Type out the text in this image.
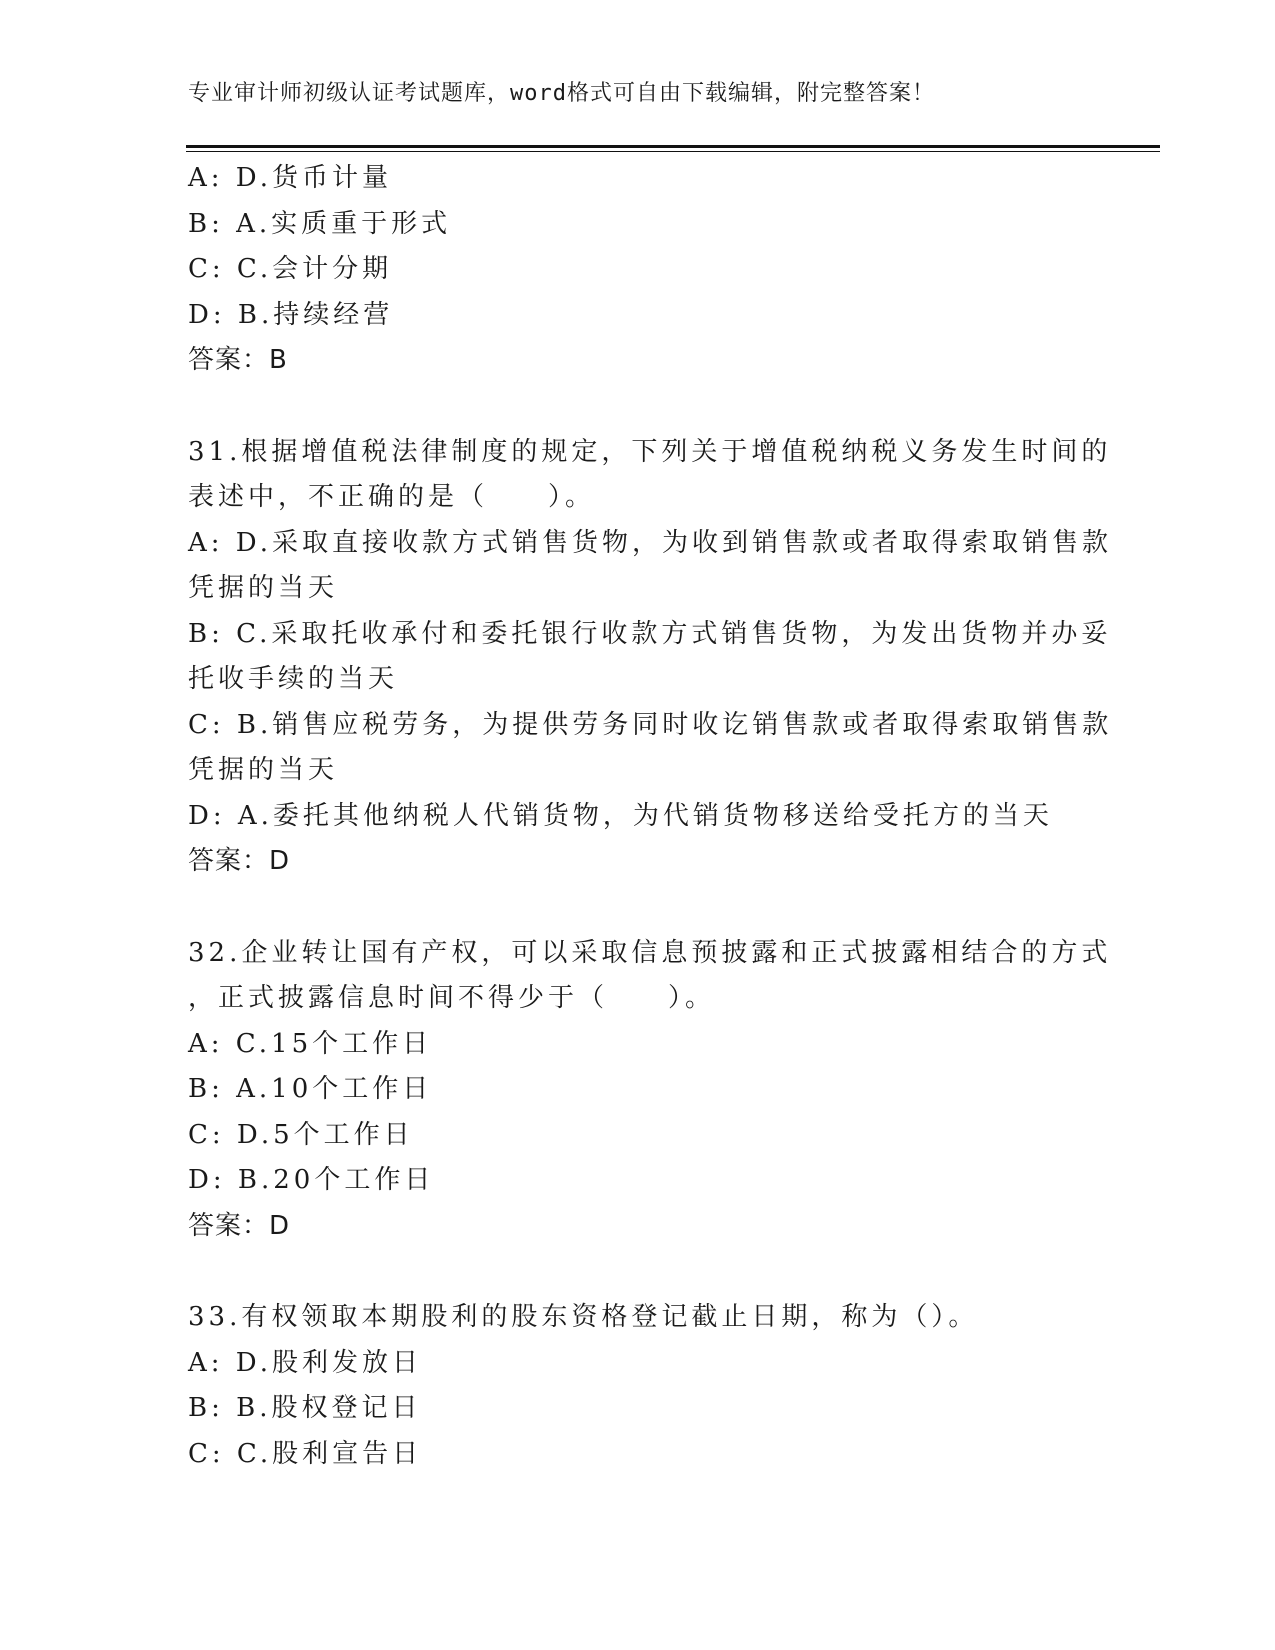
专业审计师初级认证考试题库，word格式可自由下载编辑，附完整答案！
A: D.货币计量
B: A.实质重于形式
C: C.会计分期
D: B.持续经营
答案：B
31.根据增值税法律制度的规定，下列关于增值税纳税义务发生时间的
表述中，不正确的是（　　）。
A: D.采取直接收款方式销售货物，为收到销售款或者取得索取销售款
凭据的当天
B: C.采取托收承付和委托银行收款方式销售货物，为发出货物并办妥
托收手续的当天
C: B.销售应税劳务，为提供劳务同时收讫销售款或者取得索取销售款
凭据的当天
D: A.委托其他纳税人代销货物，为代销货物移送给受托方的当天
答案：D
32.企业转让国有产权，可以采取信息预披露和正式披露相结合的方式
，正式披露信息时间不得少于（　　）。
A: C.15个工作日
B: A.10个工作日
C: D.5个工作日
D: B.20个工作日
答案：D
33.有权领取本期股利的股东资格登记截止日期，称为（）。
A: D.股利发放日
B: B.股权登记日
C: C.股利宣告日
